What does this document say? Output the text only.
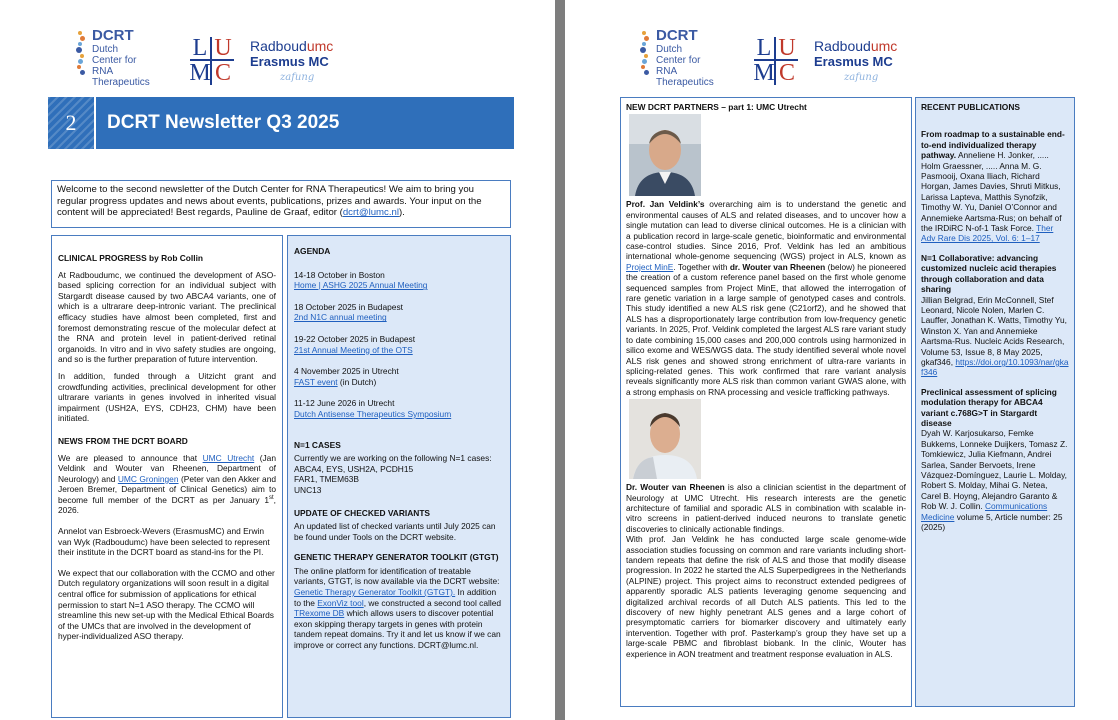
DCRT
Dutch
Center for
RNA
Therapeutics
L U
M C
Radboudumc
Erasmus MC
zafung
2	DCRT Newsletter Q3 2025
Welcome to the second newsletter of the Dutch Center for RNA Therapeutics! We aim to bring you regular progress updates and news about events, publications, prizes and awards. Your input on the content will be appreciated! Best regards, Pauline de Graaf, editor (dcrt@lumc.nl).
CLINICAL PROGRESS by Rob Collin

At Radboudumc, we continued the development of ASO-based splicing correction for an individual subject with Stargardt disease caused by two ABCA4 variants, one of which is a ultrarare deep-intronic variant. The preclinical efficacy studies have almost been completed, first and foremost demonstrating rescue of the molecular defect at the RNA and protein level in patient-derived retinal organoids. In vitro and in vivo safety studies are ongoing, and so is the further preparation of future intervention.

In addition, funded through a Uitzicht grant and crowdfunding activities, preclinical development for other ultrarare variants in genes involved in inherited visual impairment (USH2A, EYS, CDH23, CHM) have been initiated.

NEWS FROM THE DCRT BOARD

We are pleased to announce that UMC Utrecht (Jan Veldink and Wouter van Rheenen, Department of Neurology) and UMC Groningen (Peter van den Akker and Jeroen Bremer, Department of Clinical Genetics) aim to become full member of the DCRT as per January 1st, 2026.

Annelot van Esbroeck-Wevers (ErasmusMC) and Erwin van Wyk (Radboudumc) have been selected to represent their institute in the DCRT board as stand-ins for the PI.

We expect that our collaboration with the CCMO and other Dutch regulatory organizations will soon result in a digital central office for submission of applications for ethical permission to start N=1 ASO therapy. The CCMO will streamline this new set-up with the Medical Ethical Boards of the UMCs that are involved in the development of hyper-individualized ASO therapy.

AGENDA
14-18 October in Boston
Home | ASHG 2025 Annual Meeting
18 October 2025 in Budapest
2nd N1C annual meeting
19-22 October 2025 in Budapest
21st Annual Meeting of the OTS
4 November 2025 in Utrecht
FAST event (in Dutch)
11-12 June 2026 in Utrecht
Dutch Antisense Therapeutics Symposium
N=1 CASES
Currently we are working on the following N=1 cases:
ABCA4, EYS, USH2A, PCDH15
FAR1, TMEM63B
UNC13
UPDATE OF CHECKED VARIANTS

An updated list of checked variants until July 2025 can be found under Tools on the DCRT website.

GENETIC THERAPY GENERATOR TOOLKIT (GTGT)

The online platform for identification of treatable variants, GTGT, is now available via the DCRT website: Genetic Therapy Generator Toolkit (GTGT). In addition to the ExonViz tool, we constructed a second tool called TRexome DB which allows users to discover potential exon skipping therapy targets in genes with protein tandem repeat domains. Try it and let us know if we can improve or correct any functions. DCRT@lumc.nl.

DCRT
Dutch
Center for
RNA
Therapeutics
L U
M C
Radboudumc
Erasmus MC
zafung
NEW DCRT PARTNERS – part 1: UMC Utrecht

Prof. Jan Veldink’s overarching aim is to understand the genetic and environmental causes of ALS and related diseases, and to uncover how a single mutation can lead to diverse clinical outcomes. He is a clinician with a publication record in large-scale genetic, bioinformatic and environmental case-control studies. Since 2016, Prof. Veldink has led an ambitious international whole-genome sequencing (WGS) project in ALS, known as Project MinE. Together with dr. Wouter van Rheenen (below) he pioneered the creation of a custom reference panel based on the first whole genome sequenced samples from Project MinE, that allowed the interrogation of rare genetic variation in a large sample of genotyped cases and controls. This study identified a new ALS risk gene (C21orf2), and he showed that ALS has a disproportionately large contribution from low-frequency genetic variants. In 2025, Prof. Veldink completed the largest ALS rare variant study to date combining 15,000 cases and 200,000 controls using harmonized in silico exome and WES/WGS data. The study identified several whole novel ALS risk genes and showed strong enrichment of ultra-rare variants in splicing-related genes. This work confirmed that rare variant analysis reveals significantly more ALS risk than common variant GWAS alone, with a strong emphasis on RNA processing and vesicle trafficking pathways.

Dr. Wouter van Rheenen is also a clinician scientist in the department of Neurology at UMC Utrecht. His research interests are the genetic architecture of familial and sporadic ALS in combination with scalable in-vitro screens in patient-derived induced neurons to translate genetic discoveries to clinically actionable findings.

With prof. Jan Veldink he has conducted large scale genome-wide association studies focussing on common and rare variants including short-tandem repeats that define the risk of ALS and those that modify disease progression. In 2022 he started the ALS Superpedigrees in the Netherlands (ALPINE) project. This project aims to reconstruct extended pedigrees of apparently sporadic ALS patients leveraging genome sequencing and digitalized archival records of all Dutch ALS patients. This led to the discovery of new highly penetrant ALS genes and a large cohort of presymptomatic carriers for biomarker discovery and ultimately early intervention. Together with prof. Pasterkamp’s group they have set up a large-scale PBMC and fibroblast biobank. In the clinic, Wouter has experience in AON treatment and treatment response evaluation in ALS.

RECENT PUBLICATIONS
From roadmap to a sustainable end-to-end individualized therapy pathway. Anneliene H. Jonker, ..... Holm Graessner, ..... Anna M. G. Pasmooij, Oxana Iliach, Richard Horgan, James Davies, Shruti Mitkus, Larissa Lapteva, Matthis Synofzik, Timothy W. Yu, Daniel O’Connor and Annemieke Aartsma-Rus; on behalf of the IRDiRC N-of-1 Task Force. Ther Adv Rare Dis 2025, Vol. 6: 1–17
N=1 Collaborative: advancing customized nucleic acid therapies through collaboration and data sharing
Jillian Belgrad, Erin McConnell, Stef Leonard, Nicole Nolen, Marlen C. Lauffer, Jonathan K. Watts, Timothy Yu, Winston X. Yan and Annemieke Aartsma-Rus. Nucleic Acids Research, Volume 53, Issue 8, 8 May 2025, gkaf346, https://doi.org/10.1093/nar/gkaf346
Preclinical assessment of splicing modulation therapy for ABCA4 variant c.768G>T in Stargardt disease
Dyah W. Karjosukarso, Femke Bukkems, Lonneke Duijkers, Tomasz Z. Tomkiewicz, Julia Kiefmann, Andrei Sarlea, Sander Bervoets, Irene Vázquez-Domínguez, Laurie L. Molday, Robert S. Molday, Mihai G. Netea, Carel B. Hoyng, Alejandro Garanto & Rob W. J. Collin. Communications Medicine volume 5, Article number: 25 (2025)
